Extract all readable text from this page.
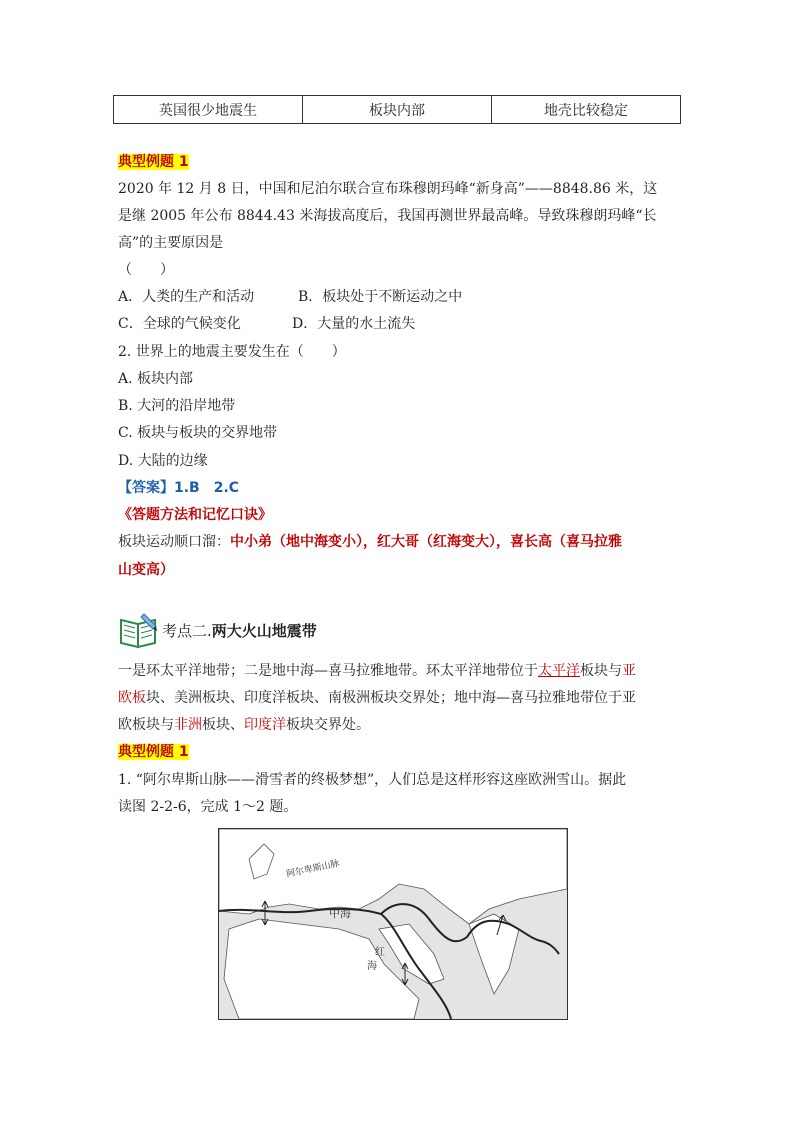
英国很少地震生	板块内部	地壳比较稳定
典型例题 1
2020 年 12 月 8 日，中国和尼泊尔联合宣布珠穆朗玛峰“新身高”——8848.86 米，这
是继 2005 年公布 8844.43 米海拔高度后，我国再测世界最高峰。导致珠穆朗玛峰“长
高”的主要原因是
（　　）
A．人类的生产和活动	B．板块处于不断运动之中
C．全球的气候变化	D．大量的水土流失
2. 世界上的地震主要发生在（　　）
A. 板块内部
B. 大河的沿岸地带
C. 板块与板块的交界地带
D. 大陆的边缘
【答案】1.B　2.C
《答题方法和记忆口诀》
板块运动顺口溜：中小弟（地中海变小），红大哥（红海变大），喜长高（喜马拉雅
山变高）
考点二.两大火山地震带
一是环太平洋地带；二是地中海—喜马拉雅地带。环太平洋地带位于太平洋板块与亚
欧板块、美洲板块、印度洋板块、南极洲板块交界处；地中海—喜马拉雅地带位于亚
欧板块与非洲板块、印度洋板块交界处。
典型例题 1
1. “阿尔卑斯山脉——滑雪者的终极梦想”，人们总是这样形容这座欧洲雪山。据此
读图 2-2-6，完成 1～2 题。
阿尔卑斯山脉
中海
红
海
